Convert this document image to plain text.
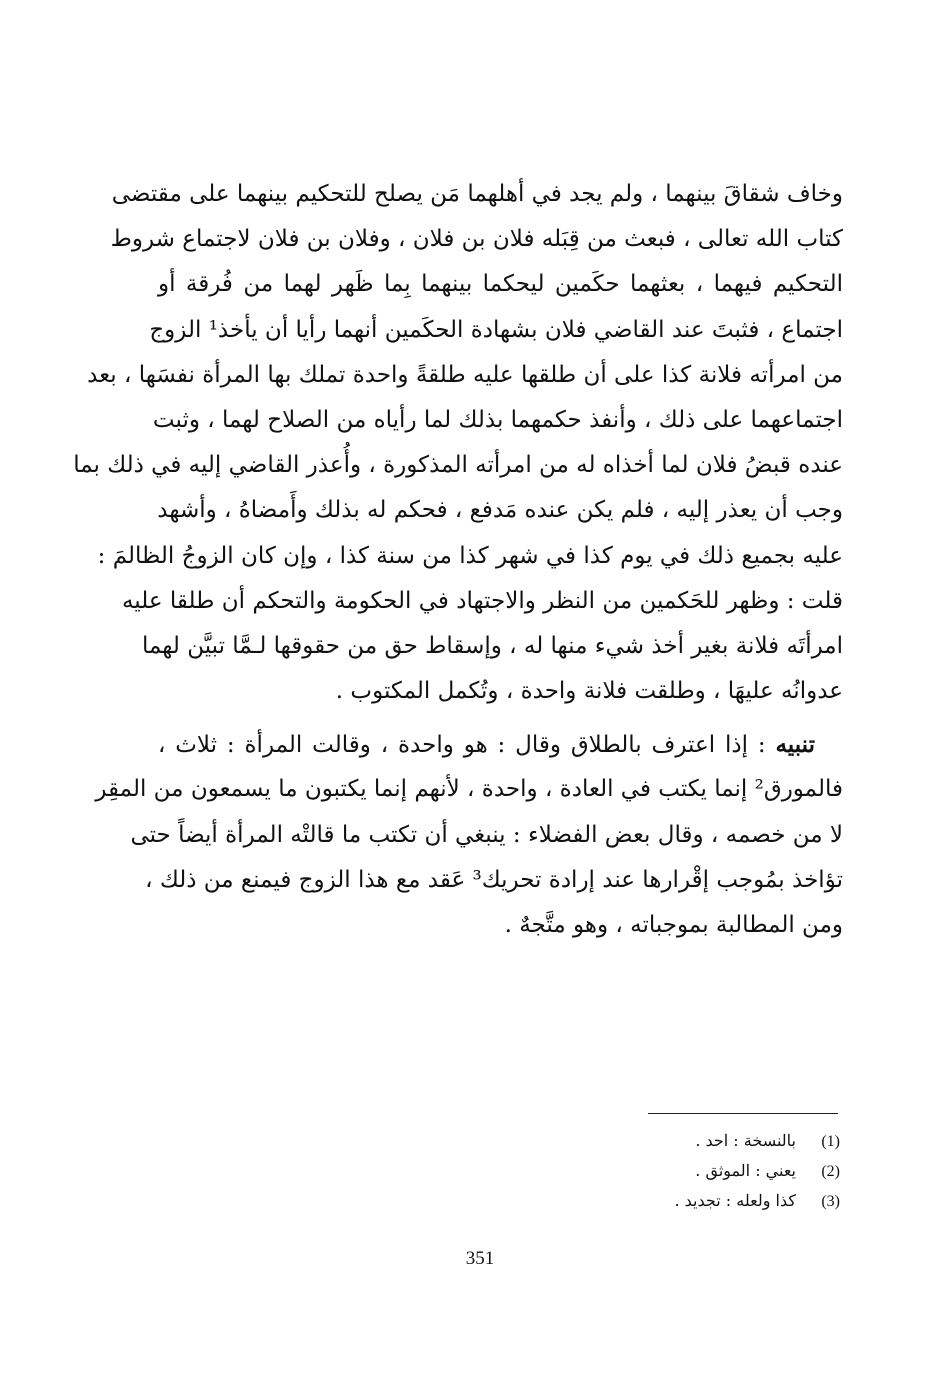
وخاف شقاقَ بينهما ، ولم يجد في أهلهما مَن يصلح للتحكيم بينهما على مقتضى
كتاب الله تعالى ، فبعث من قِبَله فلان بن فلان ، وفلان بن فلان لاجتماع شروط
التحكيم فيهما ، بعثهما حكَمين ليحكما بينهما بِما ظَهر لهما من فُرقة أو
اجتماع ، فثبتَ عند القاضي فلان بشهادة الحكَمين أنهما رأيا أن يأخذ¹ الزوج
من امرأته فلانة كذا على أن طلقها عليه طلقةً واحدة تملك بها المرأة نفسَها ، بعد
اجتماعهما على ذلك ، وأنفذ حكمهما بذلك لما رأياه من الصلاح لهما ، وثبت
عنده قبضُ فلان لما أخذاه له من امرأته المذكورة ، وأُعذر القاضي إليه في ذلك بما
وجب أن يعذر إليه ، فلم يكن عنده مَدفع ، فحكم له بذلك وأَمضاهُ ، وأشهد
عليه بجميع ذلك في يوم كذا في شهر كذا من سنة كذا ، وإن كان الزوجُ الظالمَ :
قلت : وظهر للحَكمين من النظر والاجتهاد في الحكومة والتحكم أن طلقا عليه
امرأتَه فلانة بغير أخذ شيء منها له ، وإسقاط حق من حقوقها لـمَّا تبيَّن لهما
عدوانُه عليهَا ، وطلقت فلانة واحدة ، وتُكمل المكتوب .
تنبيه : إذا اعترف بالطلاق وقال : هو واحدة ، وقالت المرأة : ثلاث ،
فالمورق² إنما يكتب في العادة ، واحدة ، لأنهم إنما يكتبون ما يسمعون من المقِر
لا من خصمه ، وقال بعض الفضلاء : ينبغي أن تكتب ما قالتْه المرأة أيضاً حتى
تؤاخذ بمُوجب إقْرارها عند إرادة تحريك³ عَقد مع هذا الزوج فيمنع من ذلك ،
ومن المطالبة بموجباته ، وهو متَّجهٌ .
(1)بالنسخة : احد .
(2)يعني : الموثق .
(3)كذا ولعله : تجديد .
351
